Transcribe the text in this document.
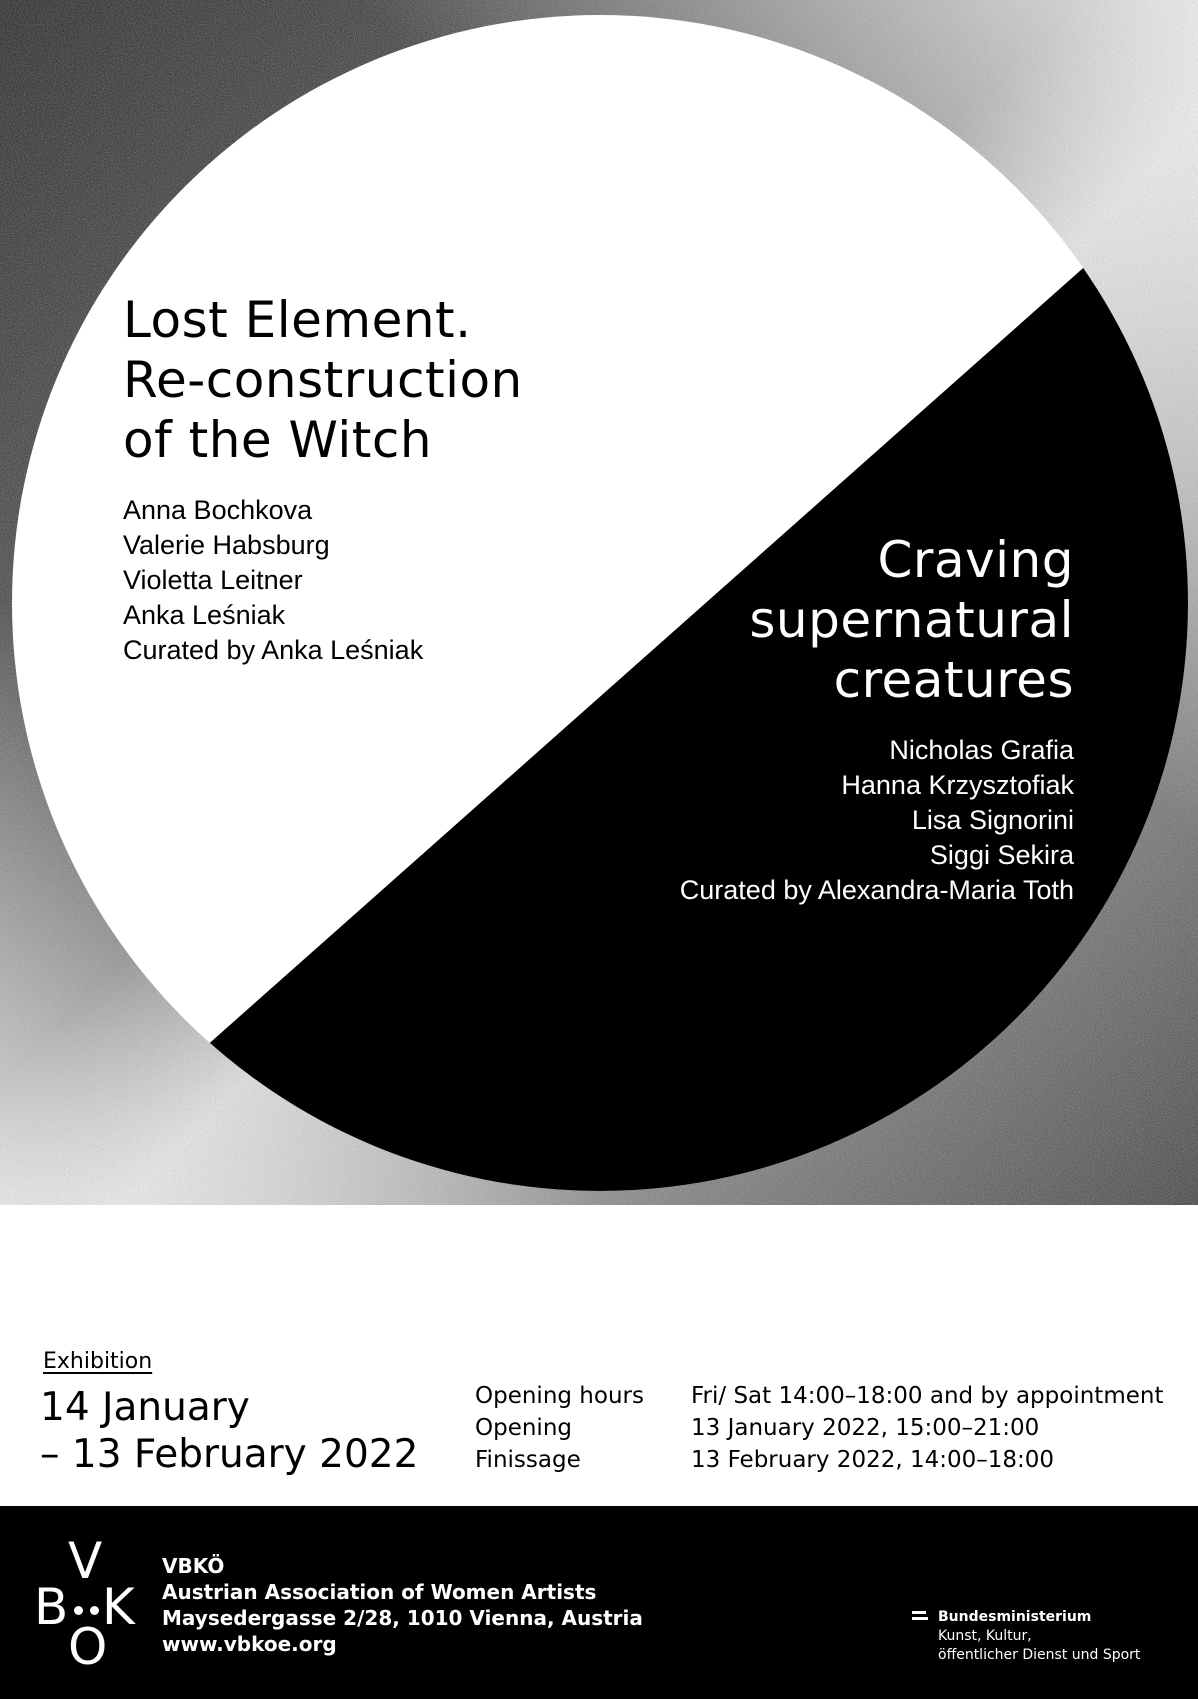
Lost Element.
Re-construction
of the Witch
Anna Bochkova
Valerie Habsburg
Violetta Leitner
Anka Leśniak
Curated by Anka Leśniak
Craving
supernatural
creatures
Nicholas Grafia
Hanna Krzysztofiak
Lisa Signorini
Siggi Sekira
Curated by Alexandra-Maria Toth
Exhibition
14 January
– 13 February 2022
Opening hours	Fri/ Sat 14:00–18:00 and by appointment
Opening	13 January 2022, 15:00–21:00
Finissage	13 February 2022, 14:00–18:00
B
V
K
O
VBKÖ
Austrian Association of Women Artists
Maysedergasse 2/28, 1010 Vienna, Austria
www.vbkoe.org
Bundesministerium
Kunst, Kultur,
öffentlicher Dienst und Sport
